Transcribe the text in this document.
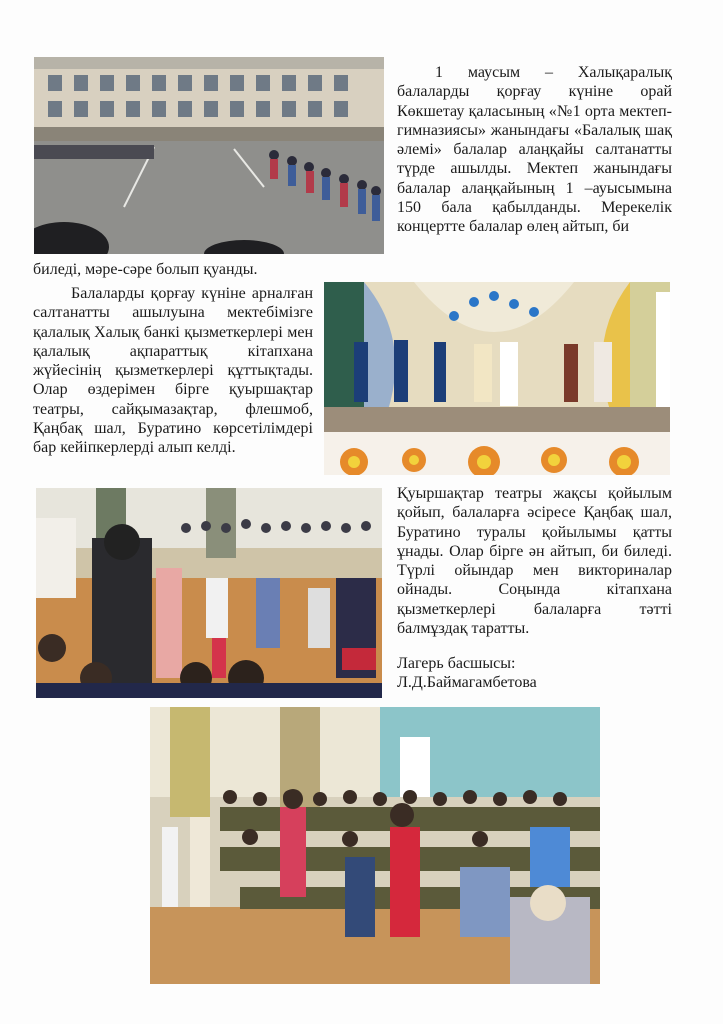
1 маусым – Халықаралық балаларды қорғау күніне орай Көкшетау қаласының «№1 орта мектеп-гимназиясы» жанындағы «Балалық шақ әлемі» балалар алаңқайы салтанатты түрде ашылды. Мектеп жанындағы балалар алаңқайының 1 –ауысымына 150 бала қабылданды. Мерекелік концертте балалар өлең айтып, би

биледі, мәре-сәре болып қуанды.

Балаларды қорғау күніне арналған салтанатты ашылуына мектебімізге қалалық Халық банкі қызметкерлері мен қалалық ақпараттық кітапхана жүйесінің қызметкерлері құттықтады. Олар өздерімен бірге қуыршақтар театры, сайқымазақтар, флешмоб, Қаңбақ шал, Буратино көрсетілімдері бар кейіпкерлерді алып келді.

Қуыршақтар театры жақсы қойылым қойып, балаларға әсіресе Қаңбақ шал, Буратино туралы қойылымы қатты ұнады. Олар бірге ән айтып, би биледі. Түрлі ойындар мен викториналар ойнады. Соңында кітапхана қызметкерлері балаларға тәтті балмұздақ таратты.

Лагерь басшысы:

Л.Д.Баймагамбетова
